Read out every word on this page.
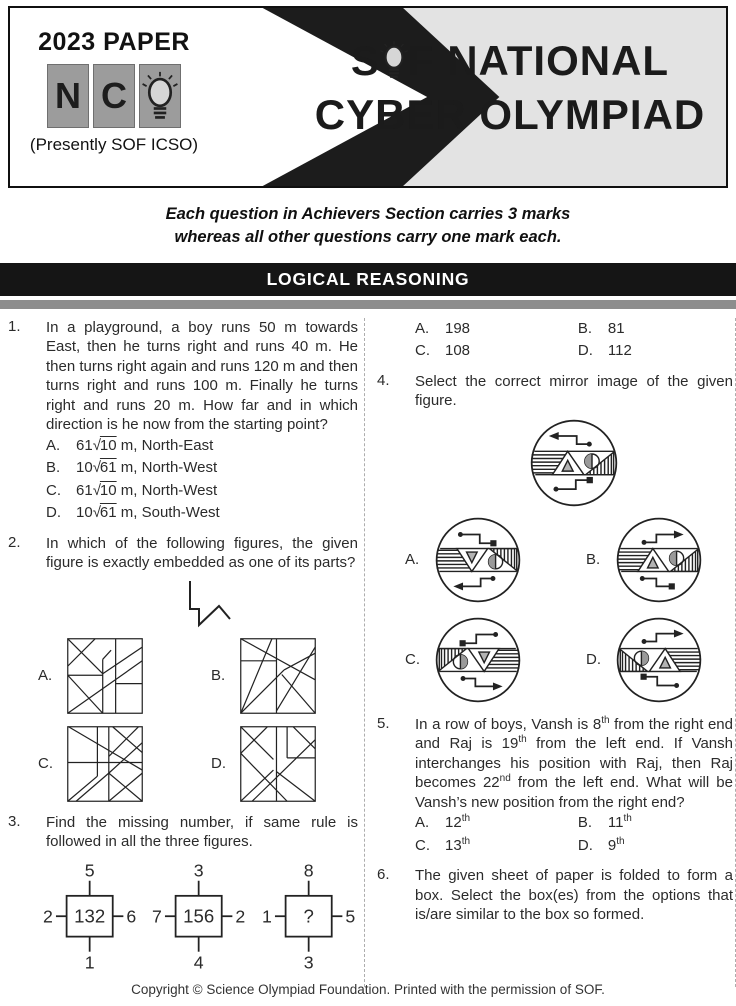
2023 PAPER
N C
(Presently SOF ICSO)
S F NATIONAL
CYBER OLYMPIAD
Each question in Achievers Section carries 3 marks
whereas all other questions carry one mark each.
LOGICAL REASONING
1.	In a playground, a boy runs 50 m towards East, then he turns right and runs 40 m. He then turns right again and runs 120 m and then turns right and runs 100 m. Finally he turns right and runs 20 m. How far and in which direction is he now from the starting point?

A.	61√10 m, North-East
B.	10√61 m, North-West
C.	61√10 m, North-West
D.	10√61 m, South-West
2.	In which of the following figures, the given figure is exactly embedded as one of its parts?

A.	B.
C.	D.
3.	Find the missing number, if same rule is followed in all the three figures.

5
132
1
2	6
3
156
4
7	2
8
?
3
1	5
A.	198	B.	81
C.	108	D.	112
4.	Select the correct mirror image of the given figure.

A.	B.
C.	D.
5.	In a row of boys, Vansh is 8th from the right end and Raj is 19th from the left end. If Vansh interchanges his position with Raj, then Raj becomes 22nd from the left end. What will be Vansh’s new position from the right end?

A.	12th	B.	11th
C.	13th	D.	9th
6.	The given sheet of paper is folded to form a box. Select the box(es) from the options that is/are similar to the box so formed.

Copyright © Science Olympiad Foundation. Printed with the permission of SOF.
